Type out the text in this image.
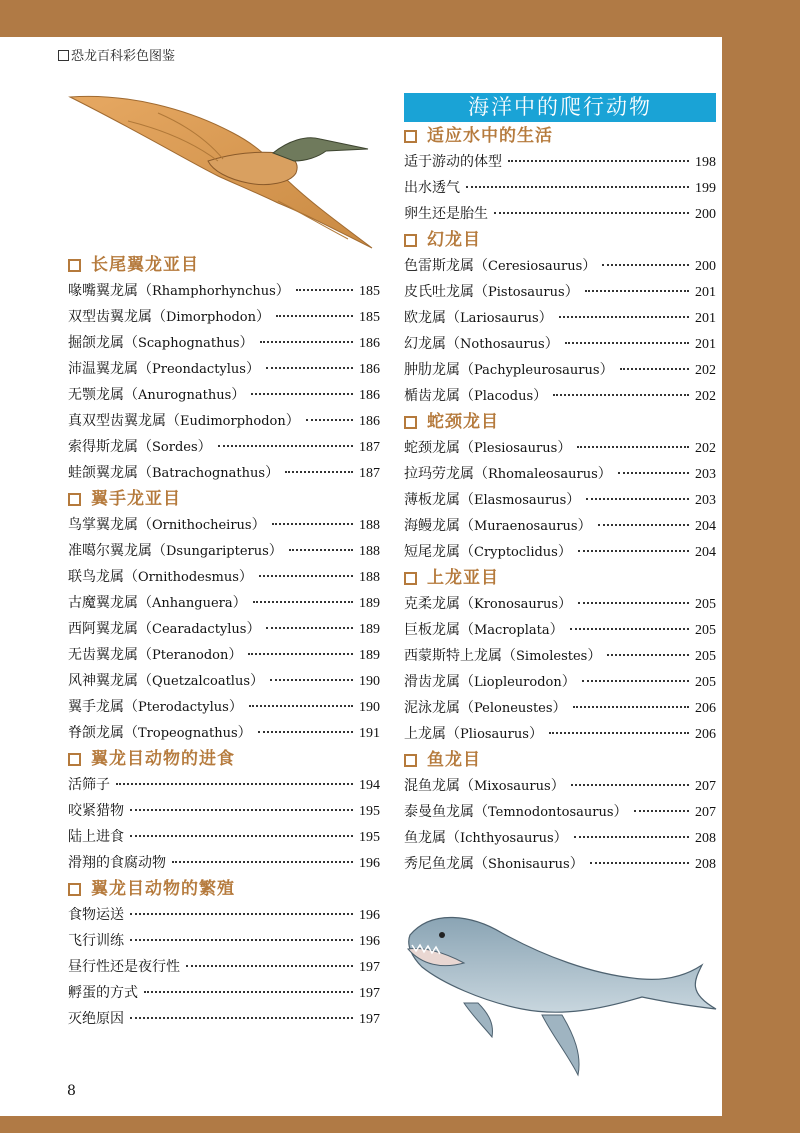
恐龙百科彩色图鉴
长尾翼龙亚目
喙嘴翼龙属（Rhamphorhynchus）	185
双型齿翼龙属（Dimorphodon）	185
掘颌龙属（Scaphognathus）	186
沛温翼龙属（Preondactylus）	186
无颚龙属（Anurognathus）	186
真双型齿翼龙属（Eudimorphodon）	186
索得斯龙属（Sordes）	187
蛙颌翼龙属（Batrachognathus）	187
翼手龙亚目
鸟掌翼龙属（Ornithocheirus）	188
准噶尔翼龙属（Dsungaripterus）	188
联鸟龙属（Ornithodesmus）	188
古魔翼龙属（Anhanguera）	189
西阿翼龙属（Cearadactylus）	189
无齿翼龙属（Pteranodon）	189
风神翼龙属（Quetzalcoatlus）	190
翼手龙属（Pterodactylus）	190
脊颌龙属（Tropeognathus）	191
翼龙目动物的进食
活筛子	194
咬紧猎物	195
陆上进食	195
滑翔的食腐动物	196
翼龙目动物的繁殖
食物运送	196
飞行训练	196
昼行性还是夜行性	197
孵蛋的方式	197
灭绝原因	197
海洋中的爬行动物
适应水中的生活
适于游动的体型	198
出水透气	199
卵生还是胎生	200
幻龙目
色雷斯龙属（Ceresiosaurus）	200
皮氏吐龙属（Pistosaurus）	201
欧龙属（Lariosaurus）	201
幻龙属（Nothosaurus）	201
肿肋龙属（Pachypleurosaurus）	202
楯齿龙属（Placodus）	202
蛇颈龙目
蛇颈龙属（Plesiosaurus）	202
拉玛劳龙属（Rhomaleosaurus）	203
薄板龙属（Elasmosaurus）	203
海鳗龙属（Muraenosaurus）	204
短尾龙属（Cryptoclidus）	204
上龙亚目
克柔龙属（Kronosaurus）	205
巨板龙属（Macroplata）	205
西蒙斯特上龙属（Simolestes）	205
滑齿龙属（Liopleurodon）	205
泥泳龙属（Peloneustes）	206
上龙属（Pliosaurus）	206
鱼龙目
混鱼龙属（Mixosaurus）	207
泰曼鱼龙属（Temnodontosaurus）	207
鱼龙属（Ichthyosaurus）	208
秀尼鱼龙属（Shonisaurus）	208
8
